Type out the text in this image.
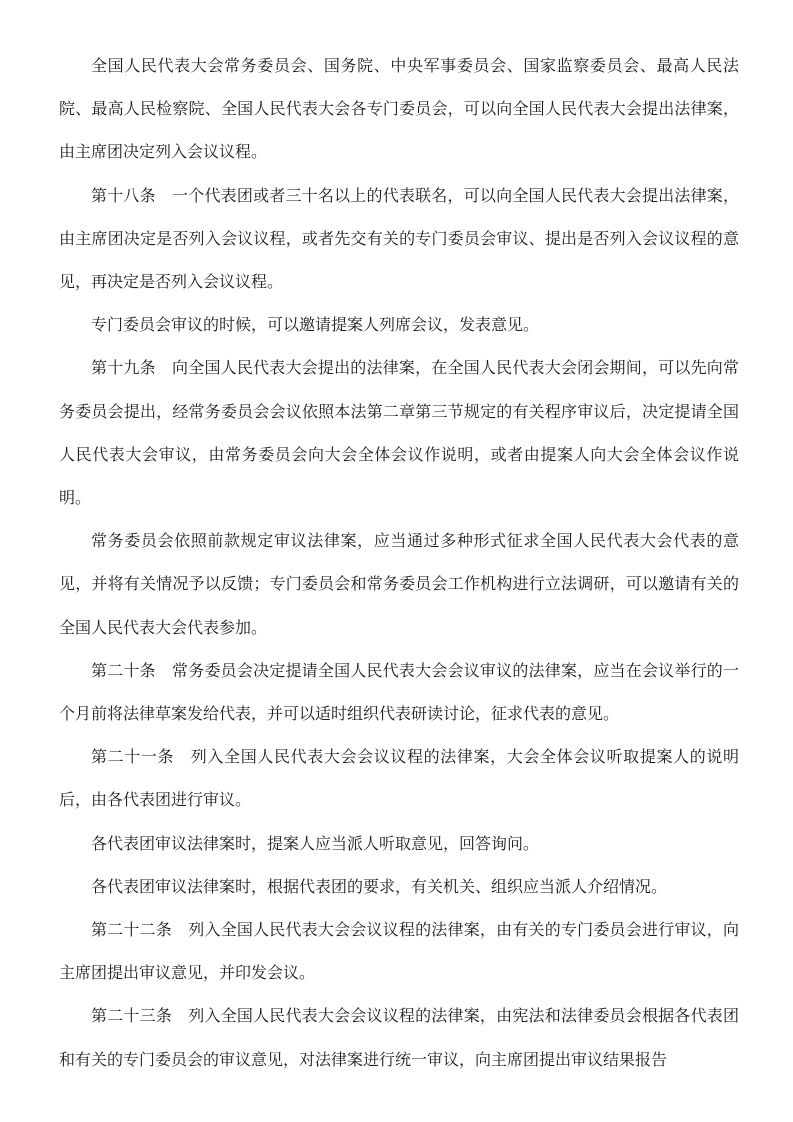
全国人民代表大会常务委员会、国务院、中央军事委员会、国家监察委员会、最高人民法院、最高人民检察院、全国人民代表大会各专门委员会，可以向全国人民代表大会提出法律案，由主席团决定列入会议议程。

第十八条　 一个代表团或者三十名以上的代表联名，可以向全国人民代表大会提出法律案，由主席团决定是否列入会议议程，或者先交有关的专门委员会审议、提出是否列入会议议程的意见，再决定是否列入会议议程。

专门委员会审议的时候，可以邀请提案人列席会议，发表意见。

第十九条　 向全国人民代表大会提出的法律案，在全国人民代表大会闭会期间，可以先向常务委员会提出，经常务委员会会议依照本法第二章第三节规定的有关程序审议后，决定提请全国人民代表大会审议，由常务委员会向大会全体会议作说明，或者由提案人向大会全体会议作说明。

常务委员会依照前款规定审议法律案，应当通过多种形式征求全国人民代表大会代表的意见，并将有关情况予以反馈；专门委员会和常务委员会工作机构进行立法调研，可以邀请有关的全国人民代表大会代表参加。

第二十条　 常务委员会决定提请全国人民代表大会会议审议的法律案，应当在会议举行的一个月前将法律草案发给代表，并可以适时组织代表研读讨论，征求代表的意见。

第二十一条　 列入全国人民代表大会会议议程的法律案，大会全体会议听取提案人的说明后，由各代表团进行审议。

各代表团审议法律案时，提案人应当派人听取意见，回答询问。

各代表团审议法律案时，根据代表团的要求，有关机关、组织应当派人介绍情况。

第二十二条　 列入全国人民代表大会会议议程的法律案，由有关的专门委员会进行审议，向主席团提出审议意见，并印发会议。

第二十三条　 列入全国人民代表大会会议议程的法律案，由宪法和法律委员会根据各代表团和有关的专门委员会的审议意见，对法律案进行统一审议，向主席团提出审议结果报告
